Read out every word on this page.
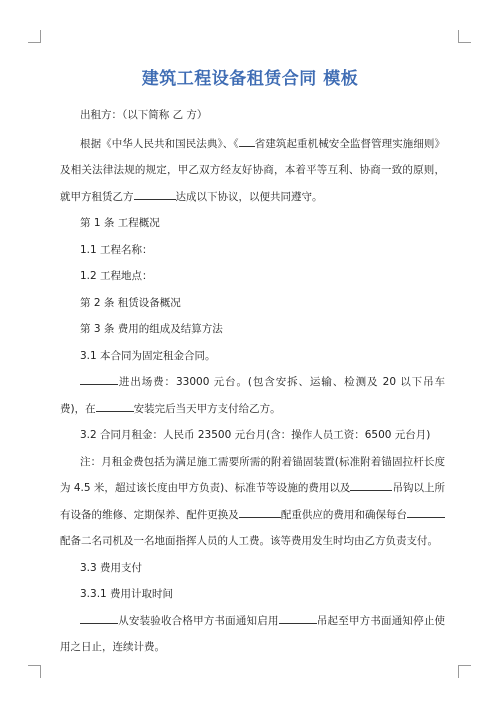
建筑工程设备租赁合同 模板

出租方：（以下简称 乙 方）

根据《中华人民共和国民法典》、《 省建筑起重机械安全监督管理实施细则》及相关法律法规的规定，甲乙双方经友好协商，本着平等互利、协商一致的原则，就甲方租赁乙方	达成以下协议，以便共同遵守。

第 1 条 工程概况

1.1 工程名称：

1.2 工程地点：

第 2 条 租赁设备概况

第 3 条 费用的组成及结算方法

3.1 本合同为固定租金合同。

进出场费：33000 元台。(包含安拆、运输、检测及 20 以下吊车费)，在	安装完后当天甲方支付给乙方。

3.2 合同月租金：人民币 23500 元台月(含：操作人员工资：6500 元台月)

注：月租金费包括为满足施工需要所需的附着锚固装置(标准附着锚固拉杆长度为 4.5 米，超过该长度由甲方负责)、标准节等设施的费用以及	吊钩以上所有设备的维修、定期保养、配件更换及	配重供应的费用和确保每台配备二名司机及一名地面指挥人员的人工费。该等费用发生时均由乙方负责支付。

3.3 费用支付

3.3.1 费用计取时间

从安装验收合格甲方书面通知启用	吊起至甲方书面通知停止使用之日止，连续计费。
